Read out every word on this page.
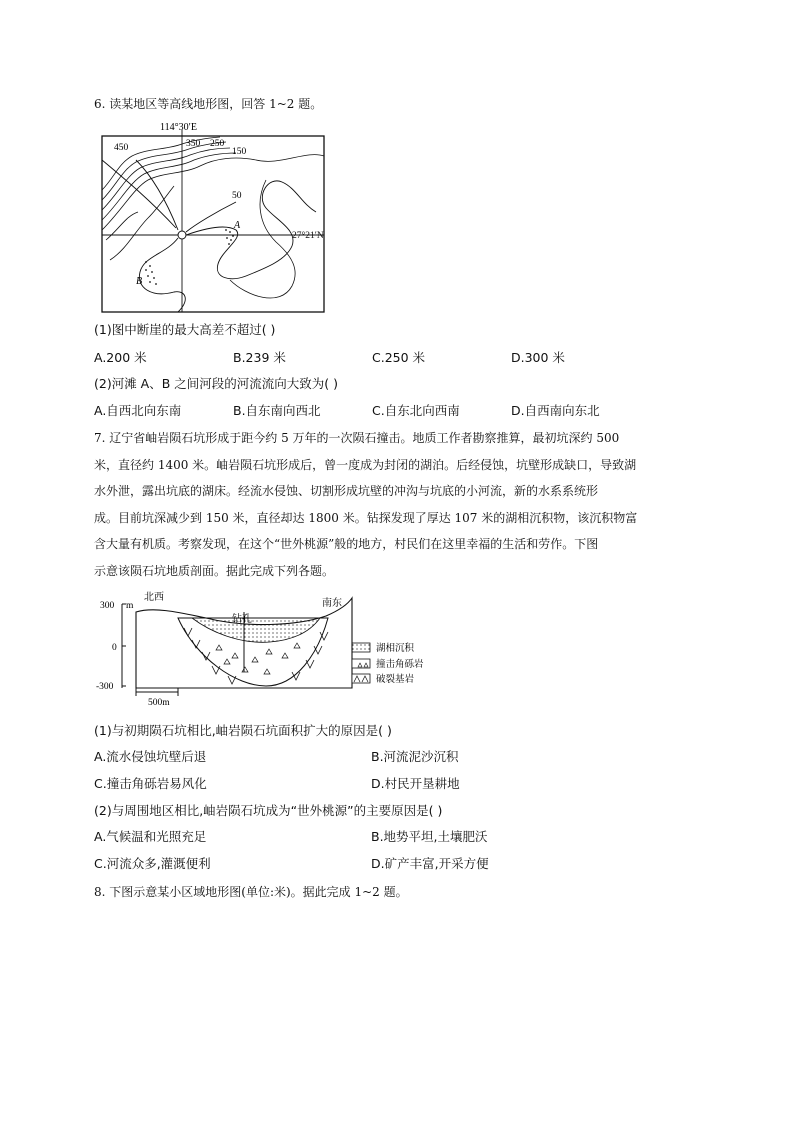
6. 读某地区等高线地形图，回答 1~2 题。
114°30′E
27°21′N
450	350 250
150
50
A
B
(1)图中断崖的最大高差不超过( )
A.200 米	B.239 米	C.250 米	D.300 米
(2)河滩 A、B 之间河段的河流流向大致为( )
A.自西北向东南	B.自东南向西北	C.自东北向西南	D.自西南向东北
7. 辽宁省岫岩陨石坑形成于距今约 5 万年的一次陨石撞击。地质工作者勘察推算，最初坑深约 500
米，直径约 1400 米。岫岩陨石坑形成后，曾一度成为封闭的湖泊。后经侵蚀，坑壁形成缺口，导致湖
水外泄，露出坑底的湖床。经流水侵蚀、切割形成坑壁的冲沟与坑底的小河流，新的水系系统形
成。目前坑深减少到 150 米，直径却达 1800 米。钻探发现了厚达 107 米的湖相沉积物，该沉积物富
含大量有机质。考察发现，在这个“世外桃源”般的地方，村民们在这里幸福的生活和劳作。下图
示意该陨石坑地质剖面。据此完成下列各题。
300 m
0
-300
北西
南东
钻孔
500m
湖相沉积
撞击角砾岩
破裂基岩
(1)与初期陨石坑相比,岫岩陨石坑面积扩大的原因是( )
A.流水侵蚀坑壁后退	B.河流泥沙沉积
C.撞击角砾岩易风化	D.村民开垦耕地
(2)与周围地区相比,岫岩陨石坑成为“世外桃源”的主要原因是( )
A.气候温和光照充足	B.地势平坦,土壤肥沃
C.河流众多,灌溉便利	D.矿产丰富,开采方便
8. 下图示意某小区域地形图(单位:米)。据此完成 1~2 题。
